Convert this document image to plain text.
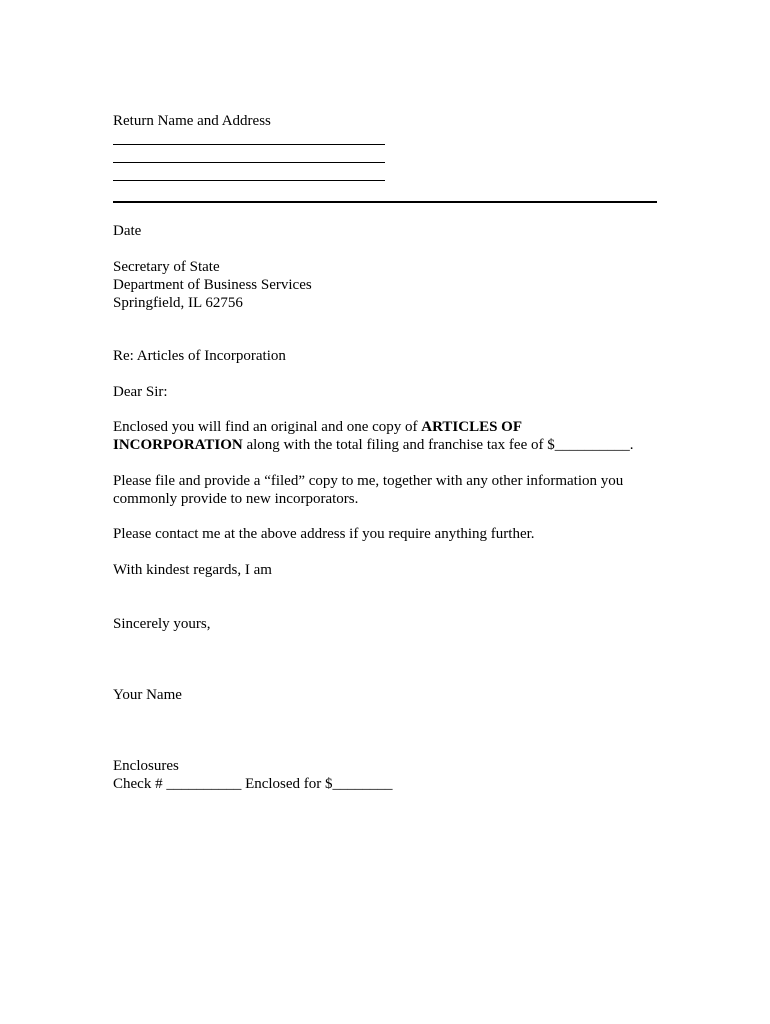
Return Name and Address
Date
Secretary of State
Department of Business Services
Springfield, IL 62756
Re: Articles of Incorporation
Dear Sir:
Enclosed you will find an original and one copy of ARTICLES OF
INCORPORATION along with the total filing and franchise tax fee of $__________.
Please file and provide a “filed” copy to me, together with any other information you
commonly provide to new incorporators.
Please contact me at the above address if you require anything further.
With kindest regards, I am
Sincerely yours,
Your Name
Enclosures
Check # __________ Enclosed for $________
